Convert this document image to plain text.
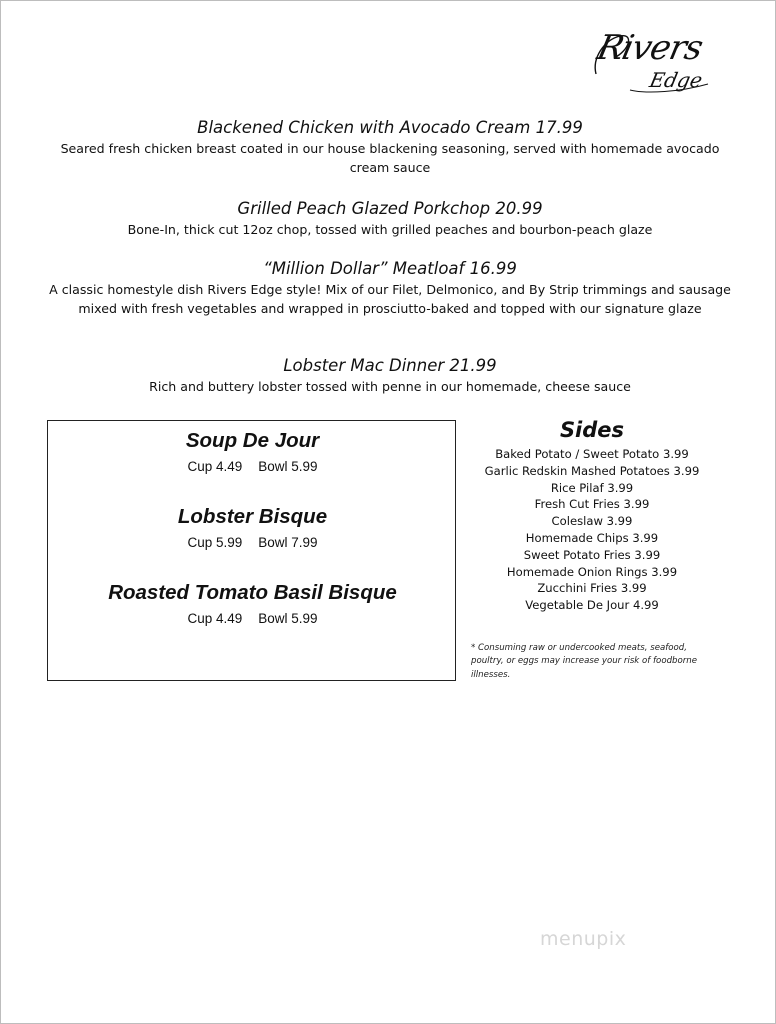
Rivers
Edge
Blackened Chicken with Avocado Cream 17.99
Seared fresh chicken breast coated in our house blackening seasoning, served with homemade avocado cream sauce
Grilled Peach Glazed Porkchop 20.99
Bone-In, thick cut 12oz chop, tossed with grilled peaches and bourbon-peach glaze
“Million Dollar” Meatloaf 16.99
A classic homestyle dish Rivers Edge style! Mix of our Filet, Delmonico, and By Strip trimmings and sausage mixed with fresh vegetables and wrapped in prosciutto-baked and topped with our signature glaze
Lobster Mac Dinner 21.99
Rich and buttery lobster tossed with penne in our homemade, cheese sauce
Soup De Jour
Cup 4.49 Bowl 5.99
Lobster Bisque
Cup 5.99 Bowl 7.99
Roasted Tomato Basil Bisque
Cup 4.49 Bowl 5.99
Sides
Baked Potato / Sweet Potato 3.99
Garlic Redskin Mashed Potatoes 3.99
Rice Pilaf 3.99
Fresh Cut Fries 3.99
Coleslaw 3.99
Homemade Chips 3.99
Sweet Potato Fries 3.99
Homemade Onion Rings 3.99
Zucchini Fries 3.99
Vegetable De Jour 4.99
* Consuming raw or undercooked meats, seafood, poultry, or eggs may increase your risk of foodborne illnesses.
menupix
